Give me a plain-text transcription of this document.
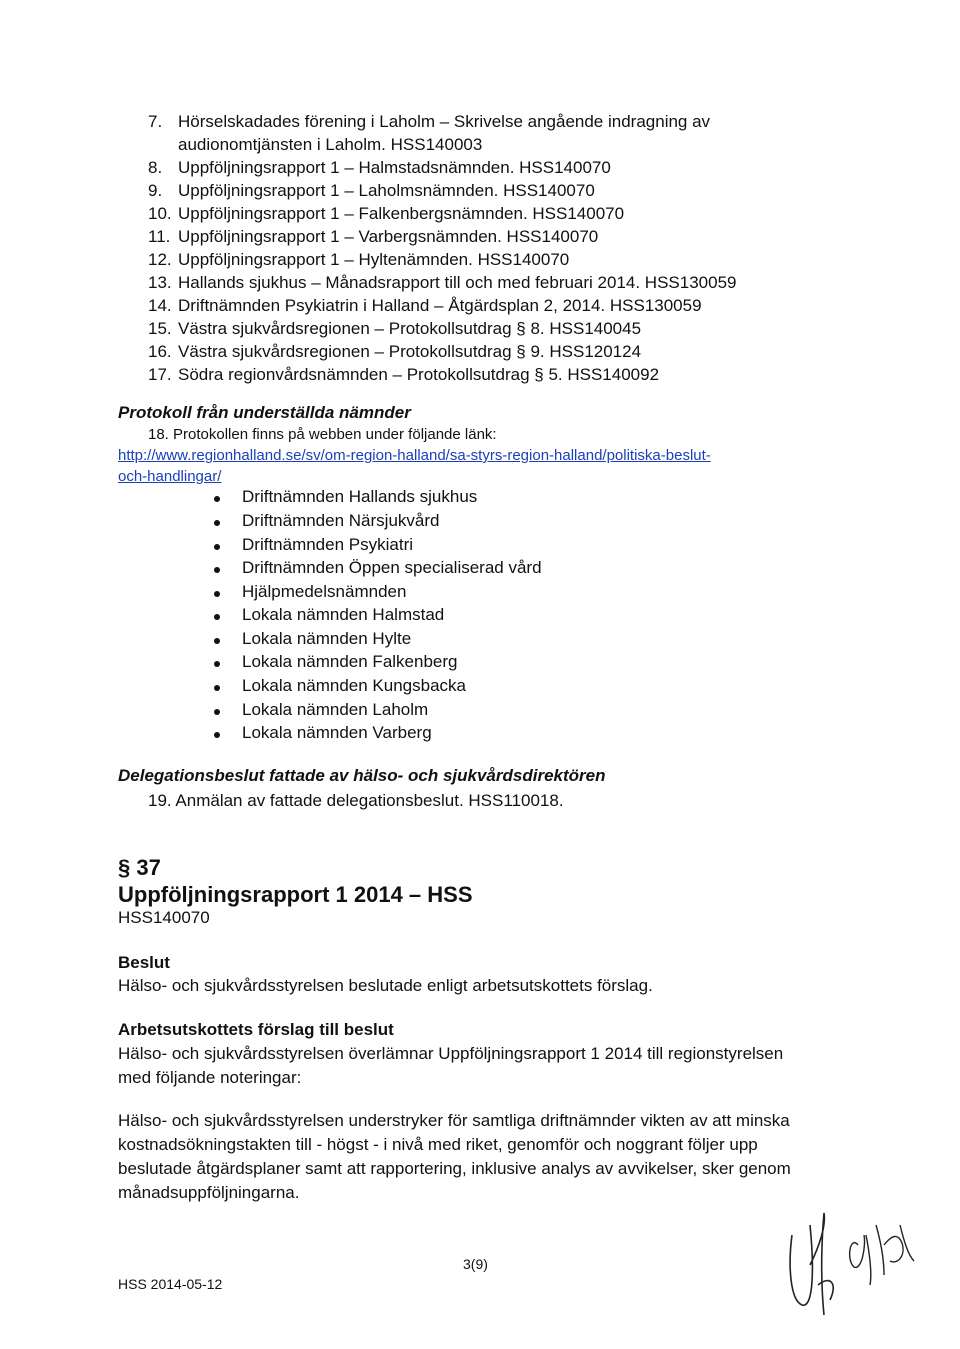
7. Hörselskadades förening i Laholm – Skrivelse angående indragning av
audionomtjänsten i Laholm. HSS140003
8. Uppföljningsrapport 1 – Halmstadsnämnden. HSS140070
9. Uppföljningsrapport 1 – Laholmsnämnden. HSS140070
10. Uppföljningsrapport 1 – Falkenbergsnämnden. HSS140070
11. Uppföljningsrapport 1 – Varbergsnämnden. HSS140070
12. Uppföljningsrapport 1 – Hyltenämnden. HSS140070
13. Hallands sjukhus – Månadsrapport till och med februari 2014. HSS130059
14. Driftnämnden Psykiatrin i Halland – Åtgärdsplan 2, 2014. HSS130059
15. Västra sjukvårdsregionen – Protokollsutdrag § 8. HSS140045
16. Västra sjukvårdsregionen – Protokollsutdrag § 9. HSS120124
17. Södra regionvårdsnämnden – Protokollsutdrag § 5. HSS140092
Protokoll från underställda nämnder
18. Protokollen finns på webben under följande länk:
http://www.regionhalland.se/sv/om-region-halland/sa-styrs-region-halland/politiska-beslut-
och-handlingar/
Driftnämnden Hallands sjukhus
Driftnämnden Närsjukvård
Driftnämnden Psykiatri
Driftnämnden Öppen specialiserad vård
Hjälpmedelsnämnden
Lokala nämnden Halmstad
Lokala nämnden Hylte
Lokala nämnden Falkenberg
Lokala nämnden Kungsbacka
Lokala nämnden Laholm
Lokala nämnden Varberg
Delegationsbeslut fattade av hälso- och sjukvårdsdirektören
19. Anmälan av fattade delegationsbeslut. HSS110018.
§ 37
Uppföljningsrapport 1 2014 – HSS
HSS140070
Beslut
Hälso- och sjukvårdsstyrelsen beslutade enligt arbetsutskottets förslag.
Arbetsutskottets förslag till beslut
Hälso- och sjukvårdsstyrelsen överlämnar Uppföljningsrapport 1 2014 till regionstyrelsen med följande noteringar:
Hälso- och sjukvårdsstyrelsen understryker för samtliga driftnämnder vikten av att minska kostnadsökningstakten till - högst - i nivå med riket, genomför och noggrant följer upp beslutade åtgärdsplaner samt att rapportering, inklusive analys av avvikelser, sker genom månadsuppföljningarna.
3(9)
HSS 2014-05-12
